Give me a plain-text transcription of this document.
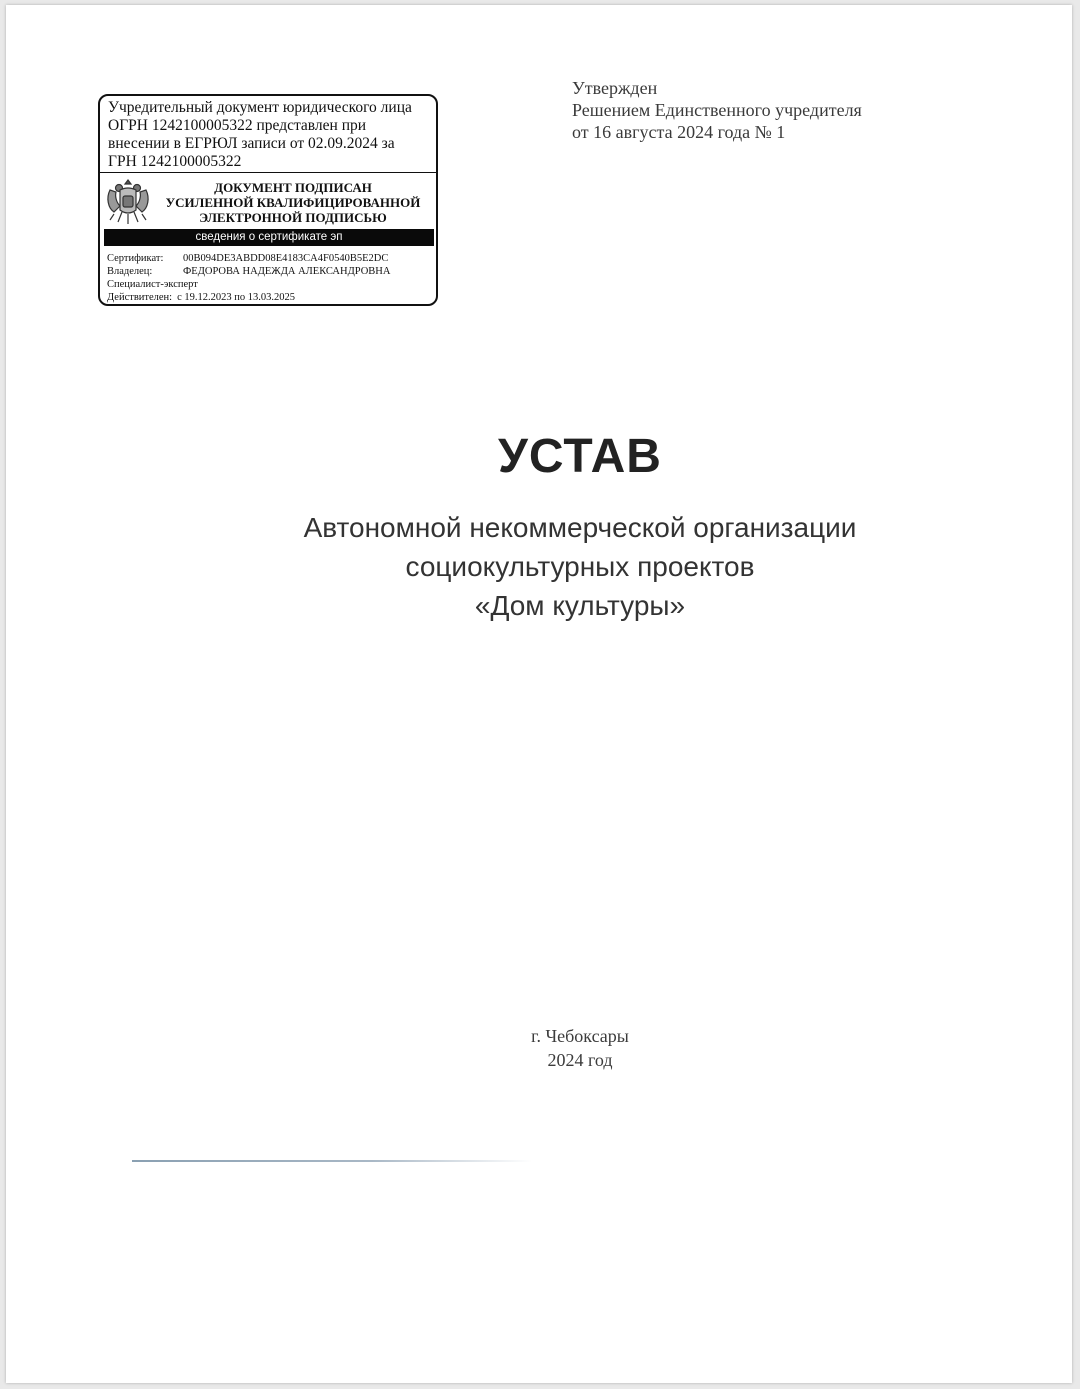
Учредительный документ юридического лица
ОГРН 1242100005322 представлен при
внесении в ЕГРЮЛ записи от 02.09.2024 за
ГРН 1242100005322
ДОКУМЕНТ ПОДПИСАН
УСИЛЕННОЙ КВАЛИФИЦИРОВАННОЙ
ЭЛЕКТРОННОЙ ПОДПИСЬЮ
сведения о сертификате эп
Сертификат:	00B094DE3ABDD08E4183CA4F0540B5E2DC
Владелец:	ФЕДОРОВА НАДЕЖДА АЛЕКСАНДРОВНА
Специалист-эксперт
Действителен: с 19.12.2023 по 13.03.2025
Утвержден
Решением Единственного учредителя
от 16 августа 2024 года № 1
УСТАВ
Автономной некоммерческой организации
социокультурных проектов
«Дом культуры»
г. Чебоксары
2024 год
